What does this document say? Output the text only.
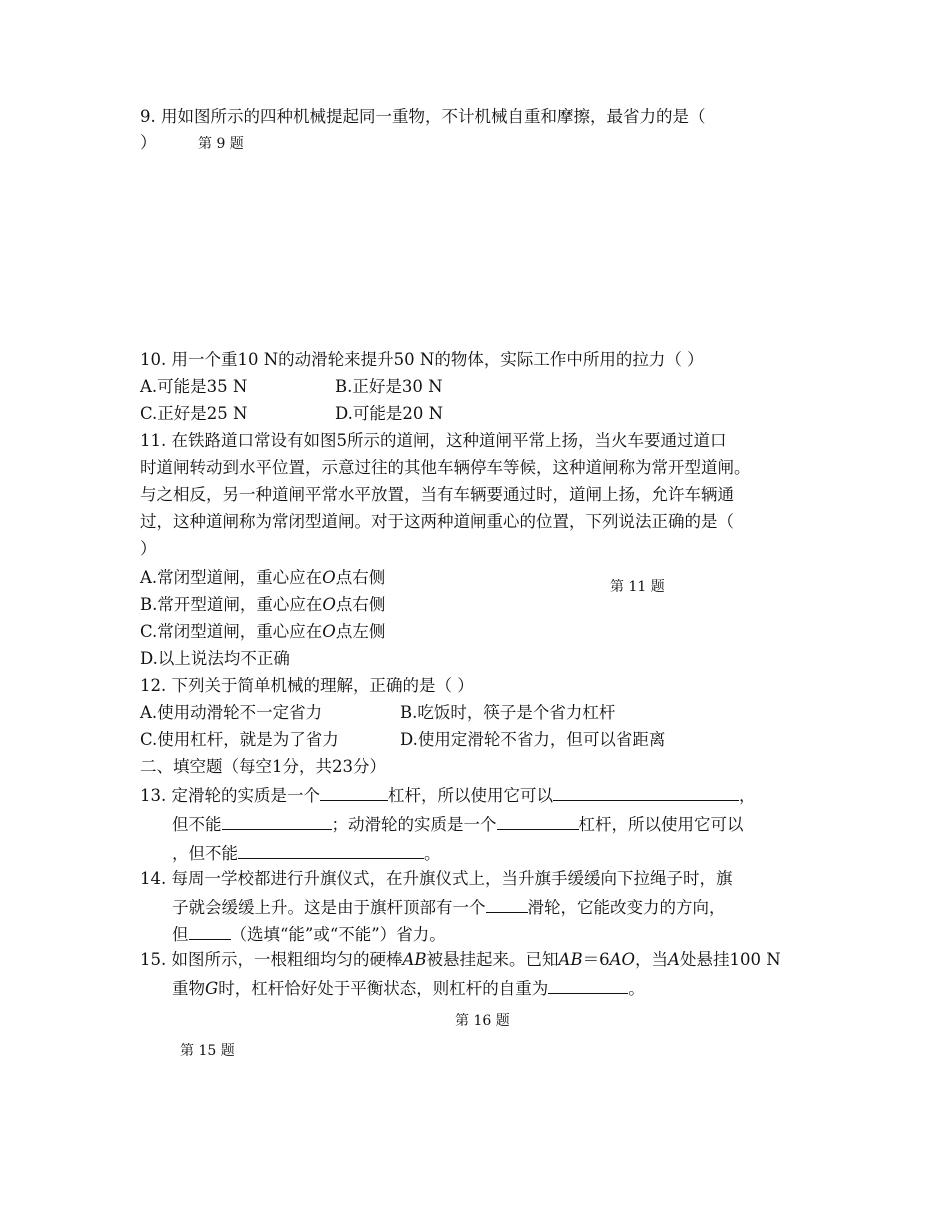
9. 用如图所示的四种机械提起同一重物，不计机械自重和摩擦，最省力的是（
）	第 9 题
10. 用一个重10 N的动滑轮来提升50 N的物体，实际工作中所用的拉力（ ）
A.可能是35 N	B.正好是30 N
C.正好是25 N	D.可能是20 N
11. 在铁路道口常设有如图5所示的道闸，这种道闸平常上扬，当火车要通过道口
时道闸转动到水平位置，示意过往的其他车辆停车等候，这种道闸称为常开型道闸。
与之相反，另一种道闸平常水平放置，当有车辆要通过时，道闸上扬，允许车辆通
过，这种道闸称为常闭型道闸。对于这两种道闸重心的位置，下列说法正确的是（
）
A.常闭型道闸，重心应在O点右侧	第 11 题
B.常开型道闸，重心应在O点右侧
C.常闭型道闸，重心应在O点左侧
D.以上说法均不正确
12. 下列关于简单机械的理解，正确的是（ ）
A.使用动滑轮不一定省力	B.吃饭时，筷子是个省力杠杆
C.使用杠杆，就是为了省力	D.使用定滑轮不省力，但可以省距离
二、填空题（每空1分，共23分）
13. 定滑轮的实质是一个	杠杆，所以使用它可以	，
但不能	；动滑轮的实质是一个	杠杆，所以使用它可以
，但不能	。
14. 每周一学校都进行升旗仪式，在升旗仪式上，当升旗手缓缓向下拉绳子时，旗
子就会缓缓上升。这是由于旗杆顶部有一个	滑轮，它能改变力的方向，
但	（选填“能”或“不能”）省力。
15. 如图所示，一根粗细均匀的硬棒AB被悬挂起来。已知AB＝6AO，当A处悬挂100 N
重物G时，杠杆恰好处于平衡状态，则杠杆的自重为	。
第 16 题
第 15 题
